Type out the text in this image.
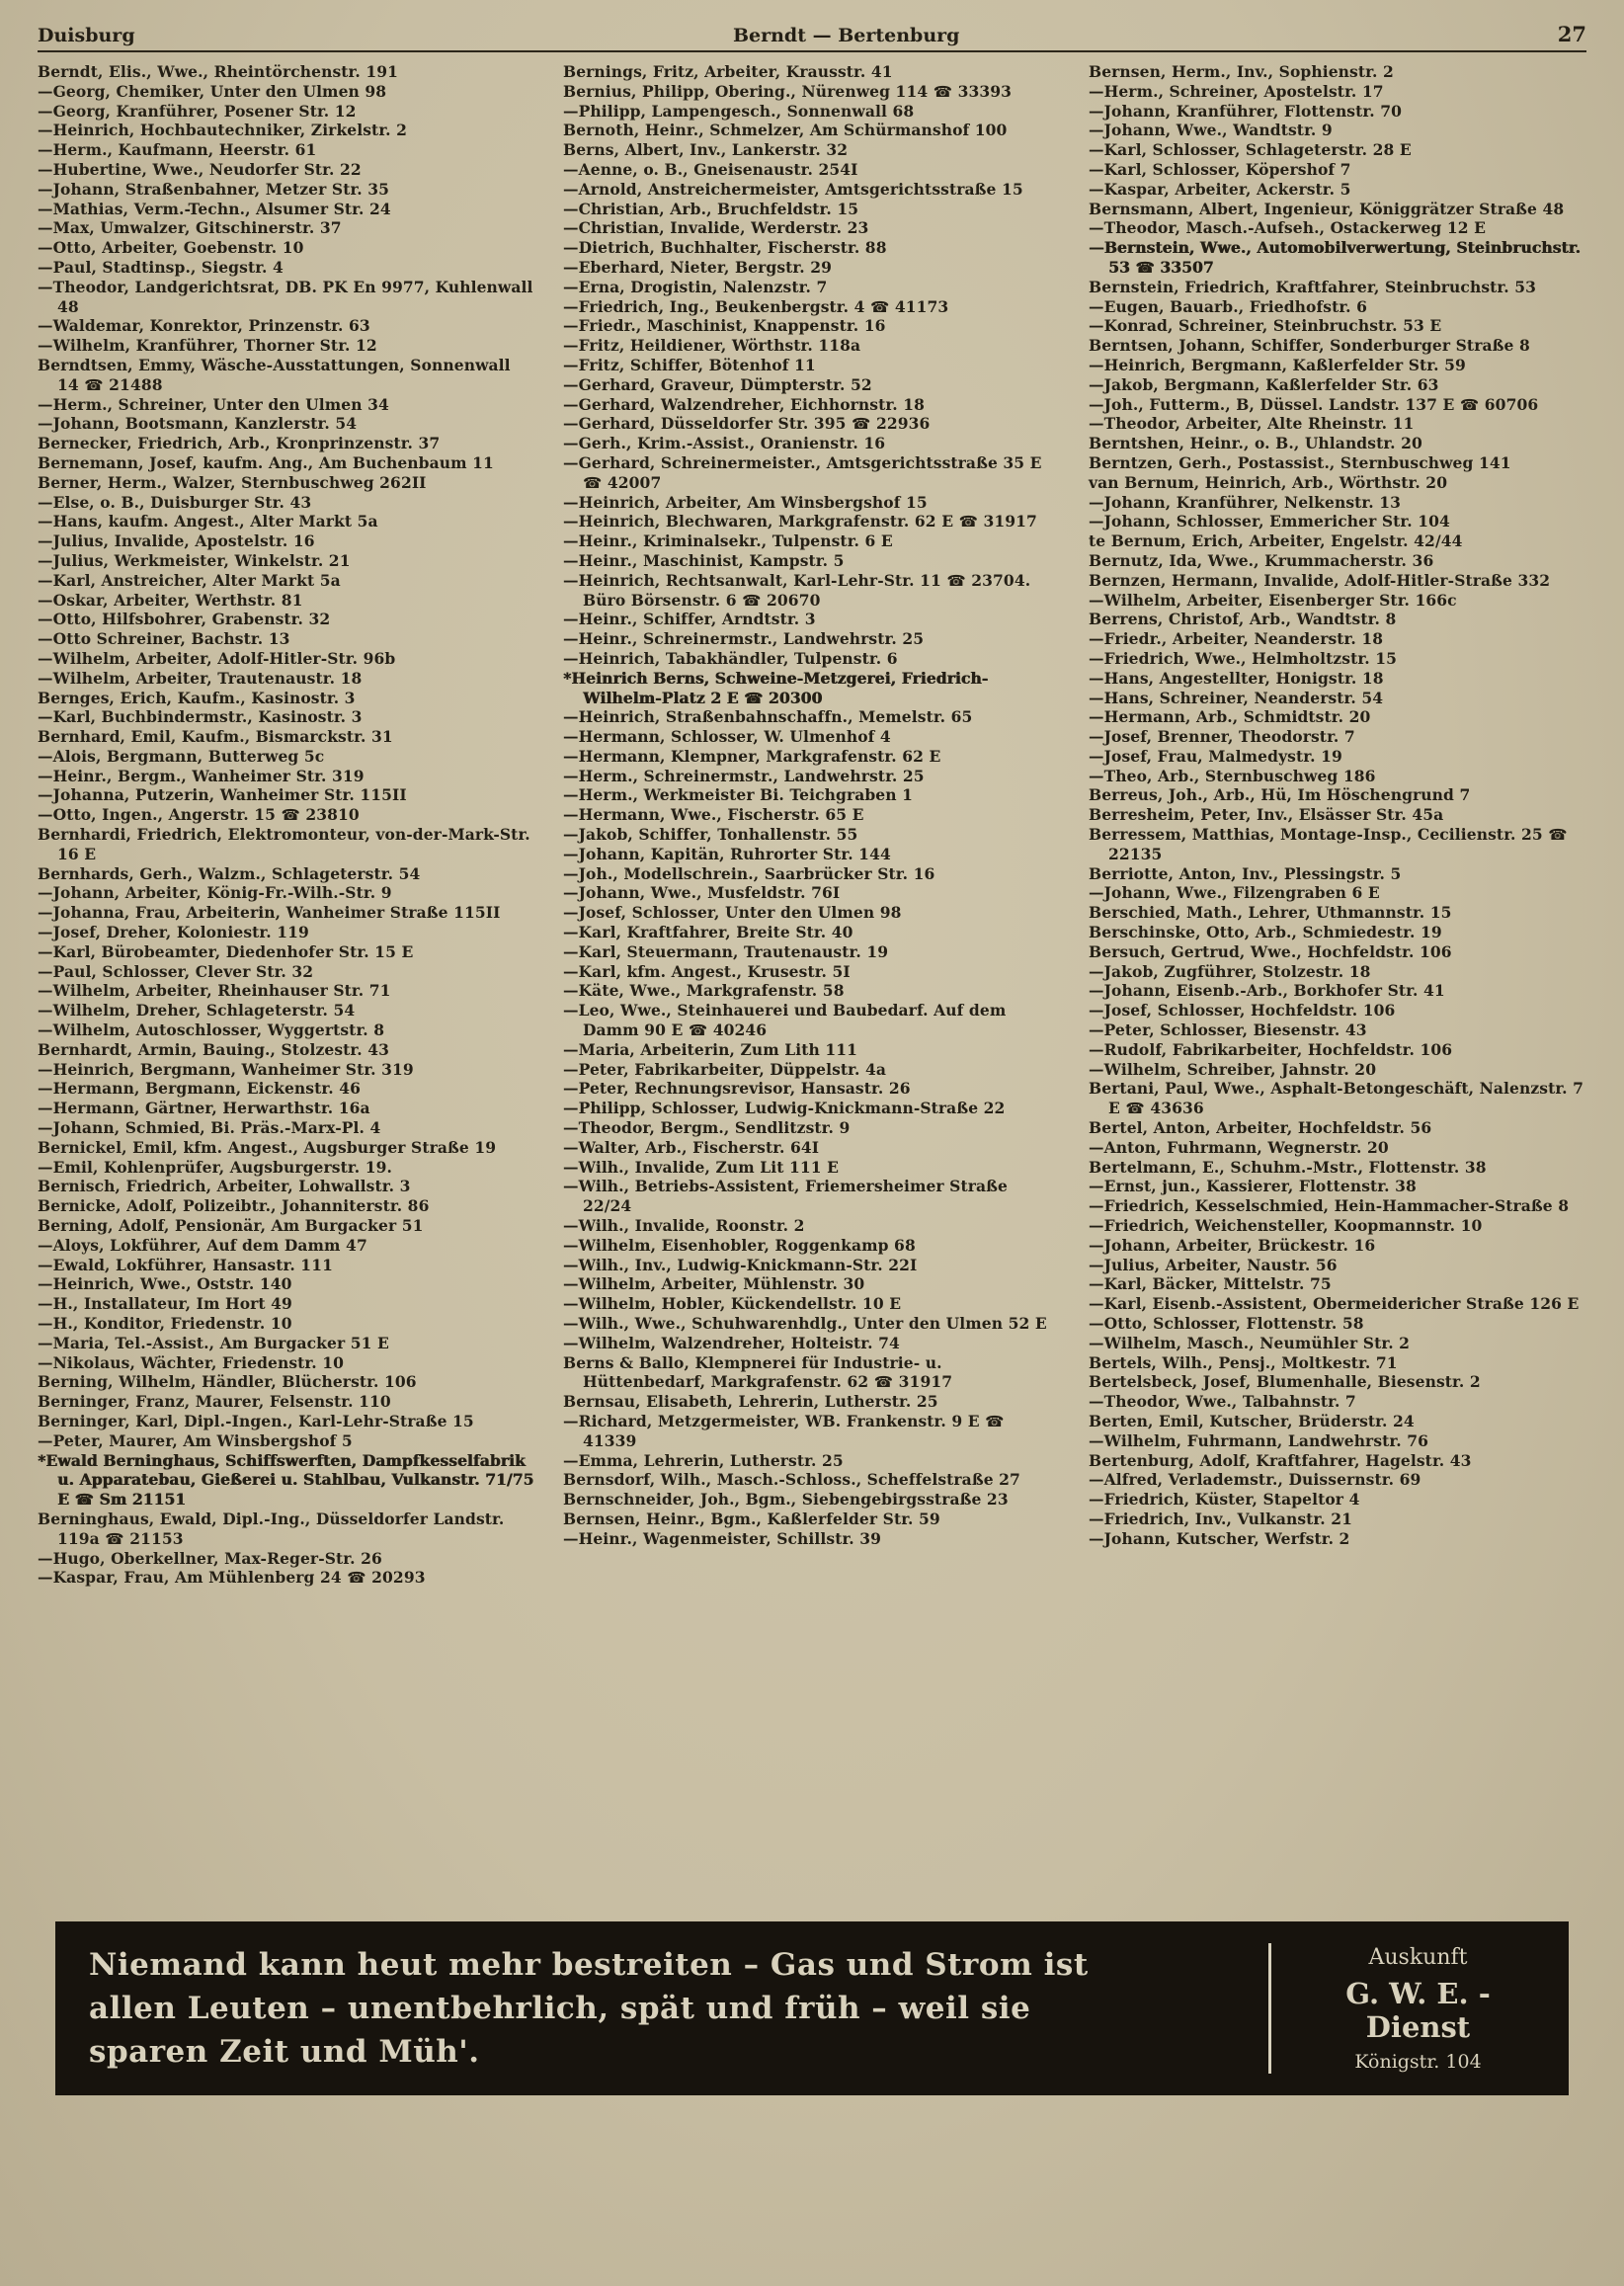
Duisburg	Berndt — Bertenburg	27
Berndt, Elis., Wwe., Rheintörchenstr. 191
—Georg, Chemiker, Unter den Ulmen 98
—Georg, Kranführer, Posener Str. 12
—Heinrich, Hochbautechniker, Zirkelstr. 2
—Herm., Kaufmann, Heerstr. 61
—Hubertine, Wwe., Neudorfer Str. 22
—Johann, Straßenbahner, Metzer Str. 35
—Mathias, Verm.-Techn., Alsumer Str. 24
—Max, Umwalzer, Gitschinerstr. 37
—Otto, Arbeiter, Goebenstr. 10
—Paul, Stadtinsp., Siegstr. 4
—Theodor, Landgerichtsrat, DB. PK En 9977, Kuhlenwall 48
—Waldemar, Konrektor, Prinzenstr. 63
—Wilhelm, Kranführer, Thorner Str. 12
Berndtsen, Emmy, Wäsche-Ausstattungen, Sonnenwall 14 ☎ 21488
—Herm., Schreiner, Unter den Ulmen 34
—Johann, Bootsmann, Kanzlerstr. 54
Bernecker, Friedrich, Arb., Kronprinzenstr. 37
Bernemann, Josef, kaufm. Ang., Am Buchenbaum 11
Berner, Herm., Walzer, Sternbuschweg 262II
—Else, o. B., Duisburger Str. 43
—Hans, kaufm. Angest., Alter Markt 5a
—Julius, Invalide, Apostelstr. 16
—Julius, Werkmeister, Winkelstr. 21
—Karl, Anstreicher, Alter Markt 5a
—Oskar, Arbeiter, Werthstr. 81
—Otto, Hilfsbohrer, Grabenstr. 32
—Otto Schreiner, Bachstr. 13
—Wilhelm, Arbeiter, Adolf-Hitler-Str. 96b
—Wilhelm, Arbeiter, Trautenaustr. 18
Bernges, Erich, Kaufm., Kasinostr. 3
—Karl, Buchbindermstr., Kasinostr. 3
Bernhard, Emil, Kaufm., Bismarckstr. 31
—Alois, Bergmann, Butterweg 5c
—Heinr., Bergm., Wanheimer Str. 319
—Johanna, Putzerin, Wanheimer Str. 115II
—Otto, Ingen., Angerstr. 15 ☎ 23810
Bernhardi, Friedrich, Elektromonteur, von-der-Mark-Str. 16 E
Bernhards, Gerh., Walzm., Schlageterstr. 54
—Johann, Arbeiter, König-Fr.-Wilh.-Str. 9
—Johanna, Frau, Arbeiterin, Wanheimer Straße 115II
—Josef, Dreher, Koloniestr. 119
—Karl, Bürobeamter, Diedenhofer Str. 15 E
—Paul, Schlosser, Clever Str. 32
—Wilhelm, Arbeiter, Rheinhauser Str. 71
—Wilhelm, Dreher, Schlageterstr. 54
—Wilhelm, Autoschlosser, Wyggertstr. 8
Bernhardt, Armin, Bauing., Stolzestr. 43
—Heinrich, Bergmann, Wanheimer Str. 319
—Hermann, Bergmann, Eickenstr. 46
—Hermann, Gärtner, Herwarthstr. 16a
—Johann, Schmied, Bi. Präs.-Marx-Pl. 4
Bernickel, Emil, kfm. Angest., Augsburger Straße 19
—Emil, Kohlenprüfer, Augsburgerstr. 19.
Bernisch, Friedrich, Arbeiter, Lohwallstr. 3
Bernicke, Adolf, Polizeibtr., Johanniterstr. 86
Berning, Adolf, Pensionär, Am Burgacker 51
—Aloys, Lokführer, Auf dem Damm 47
—Ewald, Lokführer, Hansastr. 111
—Heinrich, Wwe., Oststr. 140
—H., Installateur, Im Hort 49
—H., Konditor, Friedenstr. 10
—Maria, Tel.-Assist., Am Burgacker 51 E
—Nikolaus, Wächter, Friedenstr. 10
Berning, Wilhelm, Händler, Blücherstr. 106
Berninger, Franz, Maurer, Felsenstr. 110
Berninger, Karl, Dipl.-Ingen., Karl-Lehr-Straße 15
—Peter, Maurer, Am Winsbergshof 5
*Ewald Berninghaus, Schiffswerften, Dampfkesselfabrik u. Apparatebau, Gießerei u. Stahlbau, Vulkanstr. 71/75 E ☎ Sm 21151
Berninghaus, Ewald, Dipl.-Ing., Düsseldorfer Landstr. 119a ☎ 21153
—Hugo, Oberkellner, Max-Reger-Str. 26
—Kaspar, Frau, Am Mühlenberg 24 ☎ 20293
Bernings, Fritz, Arbeiter, Krausstr. 41
Bernius, Philipp, Obering., Nürenweg 114 ☎ 33393
—Philipp, Lampengesch., Sonnenwall 68
Bernoth, Heinr., Schmelzer, Am Schürmanshof 100
Berns, Albert, Inv., Lankerstr. 32
—Aenne, o. B., Gneisenaustr. 254I
—Arnold, Anstreichermeister, Amtsgerichtsstraße 15
—Christian, Arb., Bruchfeldstr. 15
—Christian, Invalide, Werderstr. 23
—Dietrich, Buchhalter, Fischerstr. 88
—Eberhard, Nieter, Bergstr. 29
—Erna, Drogistin, Nalenzstr. 7
—Friedrich, Ing., Beukenbergstr. 4 ☎ 41173
—Friedr., Maschinist, Knappenstr. 16
—Fritz, Heildiener, Wörthstr. 118a
—Fritz, Schiffer, Bötenhof 11
—Gerhard, Graveur, Dümpterstr. 52
—Gerhard, Walzendreher, Eichhornstr. 18
—Gerhard, Düsseldorfer Str. 395 ☎ 22936
—Gerh., Krim.-Assist., Oranienstr. 16
—Gerhard, Schreinermeister., Amtsgerichtsstraße 35 E ☎ 42007
—Heinrich, Arbeiter, Am Winsbergshof 15
—Heinrich, Blechwaren, Markgrafenstr. 62 E ☎ 31917
—Heinr., Kriminalsekr., Tulpenstr. 6 E
—Heinr., Maschinist, Kampstr. 5
—Heinrich, Rechtsanwalt, Karl-Lehr-Str. 11 ☎ 23704. Büro Börsenstr. 6 ☎ 20670
—Heinr., Schiffer, Arndtstr. 3
—Heinr., Schreinermstr., Landwehrstr. 25
—Heinrich, Tabakhändler, Tulpenstr. 6
*Heinrich Berns, Schweine-Metzgerei, Friedrich-Wilhelm-Platz 2 E ☎ 20300
—Heinrich, Straßenbahnschaffn., Memelstr. 65
—Hermann, Schlosser, W. Ulmenhof 4
—Hermann, Klempner, Markgrafenstr. 62 E
—Herm., Schreinermstr., Landwehrstr. 25
—Herm., Werkmeister Bi. Teichgraben 1
—Hermann, Wwe., Fischerstr. 65 E
—Jakob, Schiffer, Tonhallenstr. 55
—Johann, Kapitän, Ruhrorter Str. 144
—Joh., Modellschrein., Saarbrücker Str. 16
—Johann, Wwe., Musfeldstr. 76I
—Josef, Schlosser, Unter den Ulmen 98
—Karl, Kraftfahrer, Breite Str. 40
—Karl, Steuermann, Trautenaustr. 19
—Karl, kfm. Angest., Krusestr. 5I
—Käte, Wwe., Markgrafenstr. 58
—Leo, Wwe., Steinhauerei und Baubedarf. Auf dem Damm 90 E ☎ 40246
—Maria, Arbeiterin, Zum Lith 111
—Peter, Fabrikarbeiter, Düppelstr. 4a
—Peter, Rechnungsrevisor, Hansastr. 26
—Philipp, Schlosser, Ludwig-Knickmann-Straße 22
—Theodor, Bergm., Sendlitzstr. 9
—Walter, Arb., Fischerstr. 64I
—Wilh., Invalide, Zum Lit 111 E
—Wilh., Betriebs-Assistent, Friemersheimer Straße 22/24
—Wilh., Invalide, Roonstr. 2
—Wilhelm, Eisenhobler, Roggenkamp 68
—Wilh., Inv., Ludwig-Knickmann-Str. 22I
—Wilhelm, Arbeiter, Mühlenstr. 30
—Wilhelm, Hobler, Kückendellstr. 10 E
—Wilh., Wwe., Schuhwarenhdlg., Unter den Ulmen 52 E
—Wilhelm, Walzendreher, Holteistr. 74
Berns & Ballo, Klempnerei für Industrie- u. Hüttenbedarf, Markgrafenstr. 62 ☎ 31917
Bernsau, Elisabeth, Lehrerin, Lutherstr. 25
—Richard, Metzgermeister, WB. Frankenstr. 9 E ☎ 41339
—Emma, Lehrerin, Lutherstr. 25
Bernsdorf, Wilh., Masch.-Schloss., Scheffelstraße 27
Bernschneider, Joh., Bgm., Siebengebirgsstraße 23
Bernsen, Heinr., Bgm., Kaßlerfelder Str. 59
—Heinr., Wagenmeister, Schillstr. 39
Bernsen, Herm., Inv., Sophienstr. 2
—Herm., Schreiner, Apostelstr. 17
—Johann, Kranführer, Flottenstr. 70
—Johann, Wwe., Wandtstr. 9
—Karl, Schlosser, Schlageterstr. 28 E
—Karl, Schlosser, Köpershof 7
—Kaspar, Arbeiter, Ackerstr. 5
Bernsmann, Albert, Ingenieur, Königgrätzer Straße 48
—Theodor, Masch.-Aufseh., Ostackerweg 12 E
—Bernstein, Wwe., Automobilverwertung, Steinbruchstr. 53 ☎ 33507
Bernstein, Friedrich, Kraftfahrer, Steinbruchstr. 53
—Eugen, Bauarb., Friedhofstr. 6
—Konrad, Schreiner, Steinbruchstr. 53 E
Berntsen, Johann, Schiffer, Sonderburger Straße 8
—Heinrich, Bergmann, Kaßlerfelder Str. 59
—Jakob, Bergmann, Kaßlerfelder Str. 63
—Joh., Futterm., B, Düssel. Landstr. 137 E ☎ 60706
—Theodor, Arbeiter, Alte Rheinstr. 11
Berntshen, Heinr., o. B., Uhlandstr. 20
Berntzen, Gerh., Postassist., Sternbuschweg 141
van Bernum, Heinrich, Arb., Wörthstr. 20
—Johann, Kranführer, Nelkenstr. 13
—Johann, Schlosser, Emmericher Str. 104
te Bernum, Erich, Arbeiter, Engelstr. 42/44
Bernutz, Ida, Wwe., Krummacherstr. 36
Bernzen, Hermann, Invalide, Adolf-Hitler-Straße 332
—Wilhelm, Arbeiter, Eisenberger Str. 166c
Berrens, Christof, Arb., Wandtstr. 8
—Friedr., Arbeiter, Neanderstr. 18
—Friedrich, Wwe., Helmholtzstr. 15
—Hans, Angestellter, Honigstr. 18
—Hans, Schreiner, Neanderstr. 54
—Hermann, Arb., Schmidtstr. 20
—Josef, Brenner, Theodorstr. 7
—Josef, Frau, Malmedystr. 19
—Theo, Arb., Sternbuschweg 186
Berreus, Joh., Arb., Hü, Im Höschengrund 7
Berresheim, Peter, Inv., Elsässer Str. 45a
Berressem, Matthias, Montage-Insp., Cecilienstr. 25 ☎ 22135
Berriotte, Anton, Inv., Plessingstr. 5
—Johann, Wwe., Filzengraben 6 E
Berschied, Math., Lehrer, Uthmannstr. 15
Berschinske, Otto, Arb., Schmiedestr. 19
Bersuch, Gertrud, Wwe., Hochfeldstr. 106
—Jakob, Zugführer, Stolzestr. 18
—Johann, Eisenb.-Arb., Borkhofer Str. 41
—Josef, Schlosser, Hochfeldstr. 106
—Peter, Schlosser, Biesenstr. 43
—Rudolf, Fabrikarbeiter, Hochfeldstr. 106
—Wilhelm, Schreiber, Jahnstr. 20
Bertani, Paul, Wwe., Asphalt-Betongeschäft, Nalenzstr. 7 E ☎ 43636
Bertel, Anton, Arbeiter, Hochfeldstr. 56
—Anton, Fuhrmann, Wegnerstr. 20
Bertelmann, E., Schuhm.-Mstr., Flottenstr. 38
—Ernst, jun., Kassierer, Flottenstr. 38
—Friedrich, Kesselschmied, Hein-Hammacher-Straße 8
—Friedrich, Weichensteller, Koopmannstr. 10
—Johann, Arbeiter, Brückestr. 16
—Julius, Arbeiter, Naustr. 56
—Karl, Bäcker, Mittelstr. 75
—Karl, Eisenb.-Assistent, Obermeidericher Straße 126 E
—Otto, Schlosser, Flottenstr. 58
—Wilhelm, Masch., Neumühler Str. 2
Bertels, Wilh., Pensj., Moltkestr. 71
Bertelsbeck, Josef, Blumenhalle, Biesenstr. 2
—Theodor, Wwe., Talbahnstr. 7
Berten, Emil, Kutscher, Brüderstr. 24
—Wilhelm, Fuhrmann, Landwehrstr. 76
Bertenburg, Adolf, Kraftfahrer, Hagelstr. 43
—Alfred, Verlademstr., Duissernstr. 69
—Friedrich, Küster, Stapeltor 4
—Friedrich, Inv., Vulkanstr. 21
—Johann, Kutscher, Werfstr. 2
Niemand kann heut mehr bestreiten – Gas und Strom ist
allen Leuten – unentbehrlich, spät und früh – weil sie
sparen Zeit und Müh'.
Auskunft
G. W. E. - Dienst
Königstr. 104
